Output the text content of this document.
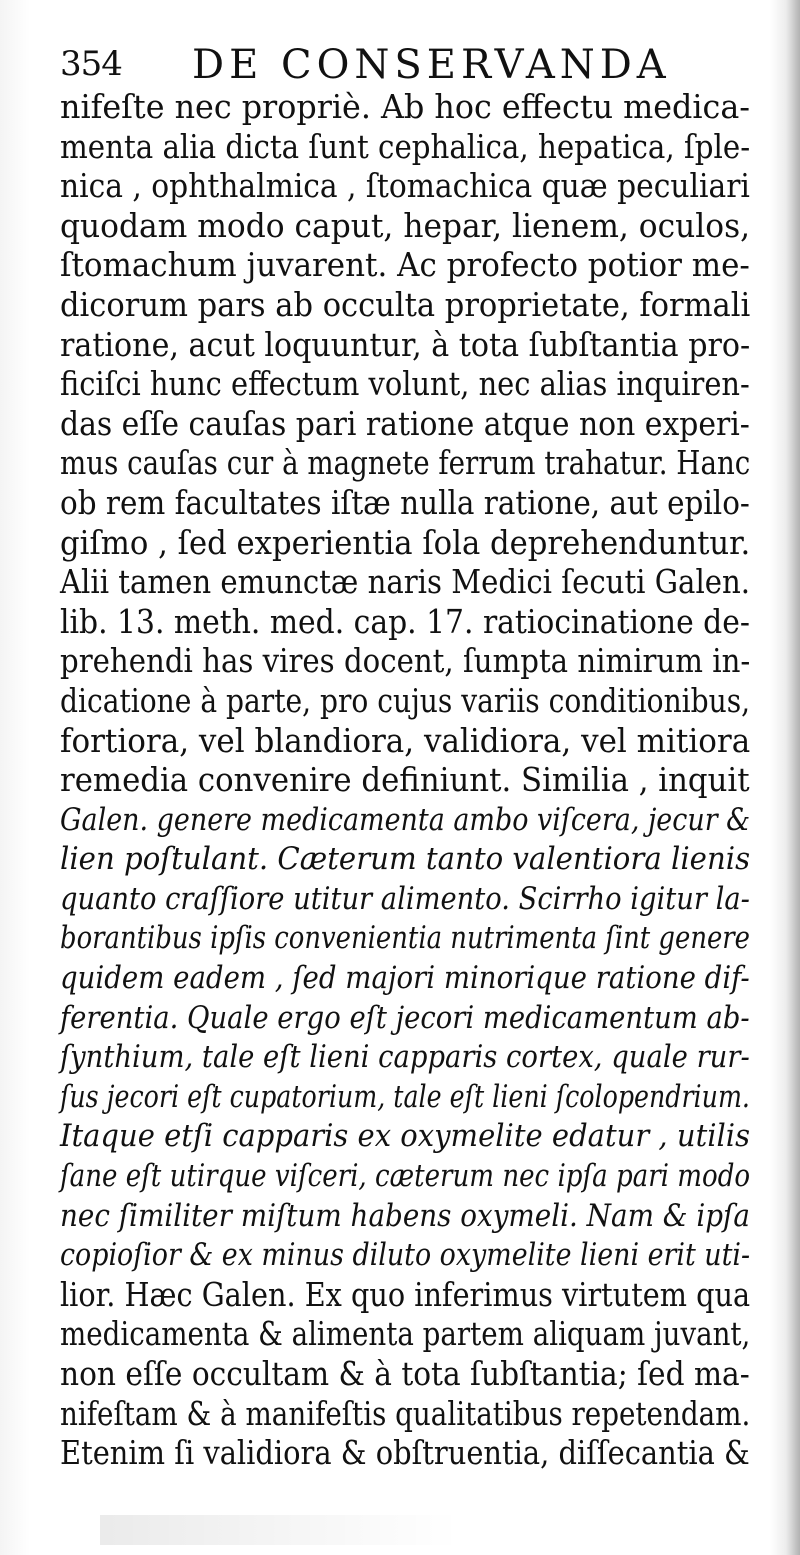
354 DE CONSERVANDA
nifeſte nec propriè. Ab hoc effectu medica-
menta alia dicta ſunt cephalica, hepatica, ſple-
nica , ophthalmica , ſtomachica quæ peculiari
quodam modo caput, hepar, lienem, oculos,
ſtomachum juvarent. Ac profecto potior me-
dicorum pars ab occulta proprietate, formali
ratione, acut loquuntur, à tota ſubſtantia pro-
ficiſci hunc effectum volunt, nec alias inquiren-
das eſſe cauſas pari ratione atque non experi-
mus cauſas cur à magnete ferrum trahatur. Hanc
ob rem facultates iſtæ nulla ratione, aut epilo-
giſmo , ſed experientia ſola deprehenduntur.
Alii tamen emunctæ naris Medici ſecuti Galen.
lib. 13. meth. med. cap. 17. ratiocinatione de-
prehendi has vires docent, ſumpta nimirum in-
dicatione à parte, pro cujus variis conditionibus,
fortiora, vel blandiora, validiora, vel mitiora
remedia convenire definiunt. Similia , inquit
Galen. genere medicamenta ambo viſcera, jecur &
lien poſtulant. Cæterum tanto valentiora lienis
quanto craſſiore utitur alimento. Scirrho igitur la-
borantibus ipſis convenientia nutrimenta ſint genere
quidem eadem , ſed majori minorique ratione dif-
ferentia. Quale ergo eſt jecori medicamentum ab-
ſynthium, tale eſt lieni capparis cortex, quale rur-
ſus jecori eſt cupatorium, tale eſt lieni ſcolopendrium.
Itaque etſi capparis ex oxymelite edatur , utilis
ſane eſt utirque viſceri, cæterum nec ipſa pari modo
nec ſimiliter miſtum habens oxymeli. Nam & ipſa
copioſior & ex minus diluto oxymelite lieni erit uti-
lior. Hæc Galen. Ex quo inferimus virtutem qua
medicamenta & alimenta partem aliquam juvant,
non eſſe occultam & à tota ſubſtantia; ſed ma-
nifeſtam & à manifeſtis qualitatibus repetendam.
Etenim ſi validiora & obſtruentia, diſſecantia &
